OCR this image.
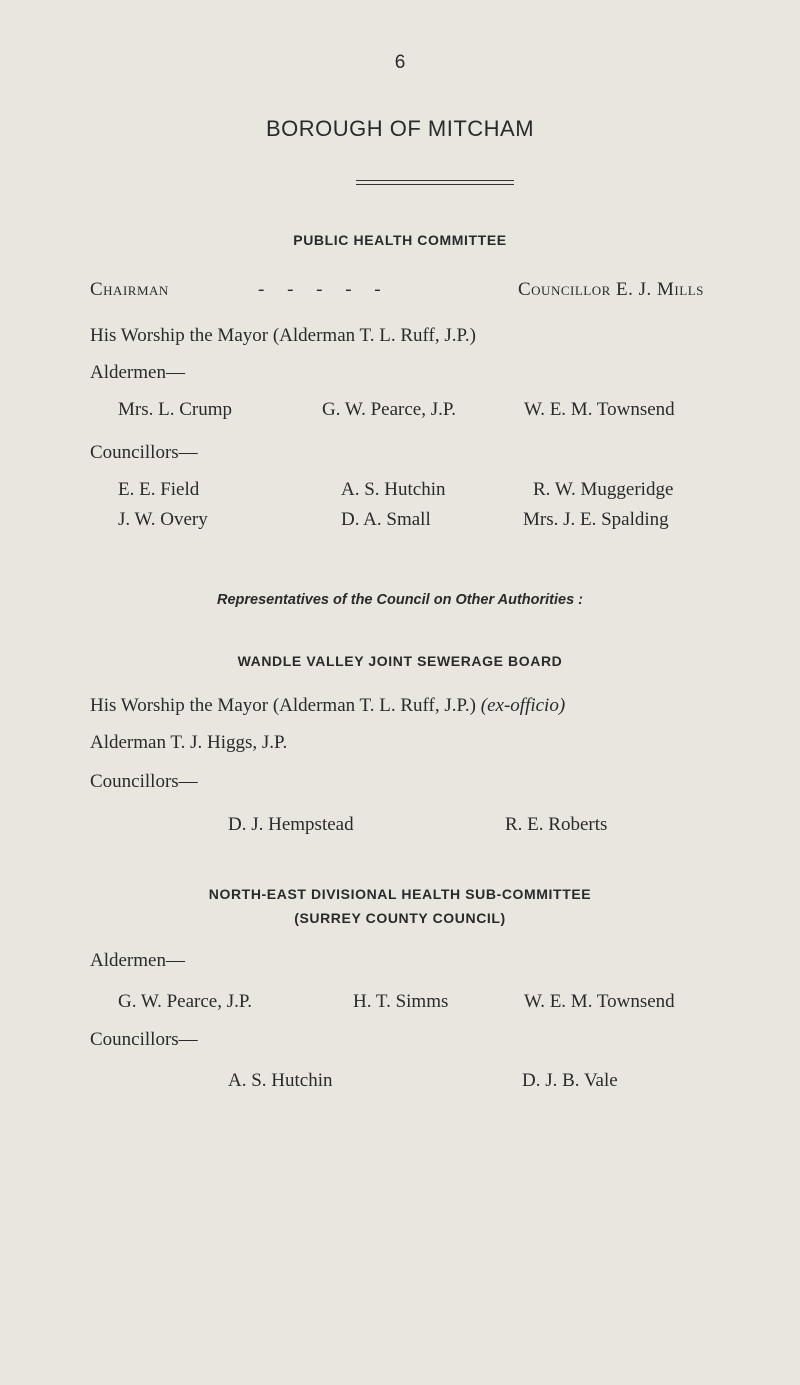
6
BOROUGH OF MITCHAM
PUBLIC HEALTH COMMITTEE
Chairman	- - - - -	Councillor E. J. Mills
His Worship the Mayor (Alderman T. L. Ruff, J.P.)
Aldermen—
Mrs. L. Crump	G. W. Pearce, J.P.	W. E. M. Townsend
Councillors—
E. E. Field	A. S. Hutchin	R. W. Muggeridge
J. W. Overy	D. A. Small	Mrs. J. E. Spalding
Representatives of the Council on Other Authorities :
WANDLE VALLEY JOINT SEWERAGE BOARD
His Worship the Mayor (Alderman T. L. Ruff, J.P.) (ex-officio)
Alderman T. J. Higgs, J.P.
Councillors—
D. J. Hempstead	R. E. Roberts
NORTH-EAST DIVISIONAL HEALTH SUB-COMMITTEE
(SURREY COUNTY COUNCIL)
Aldermen—
G. W. Pearce, J.P.	H. T. Simms	W. E. M. Townsend
Councillors—
A. S. Hutchin	D. J. B. Vale
